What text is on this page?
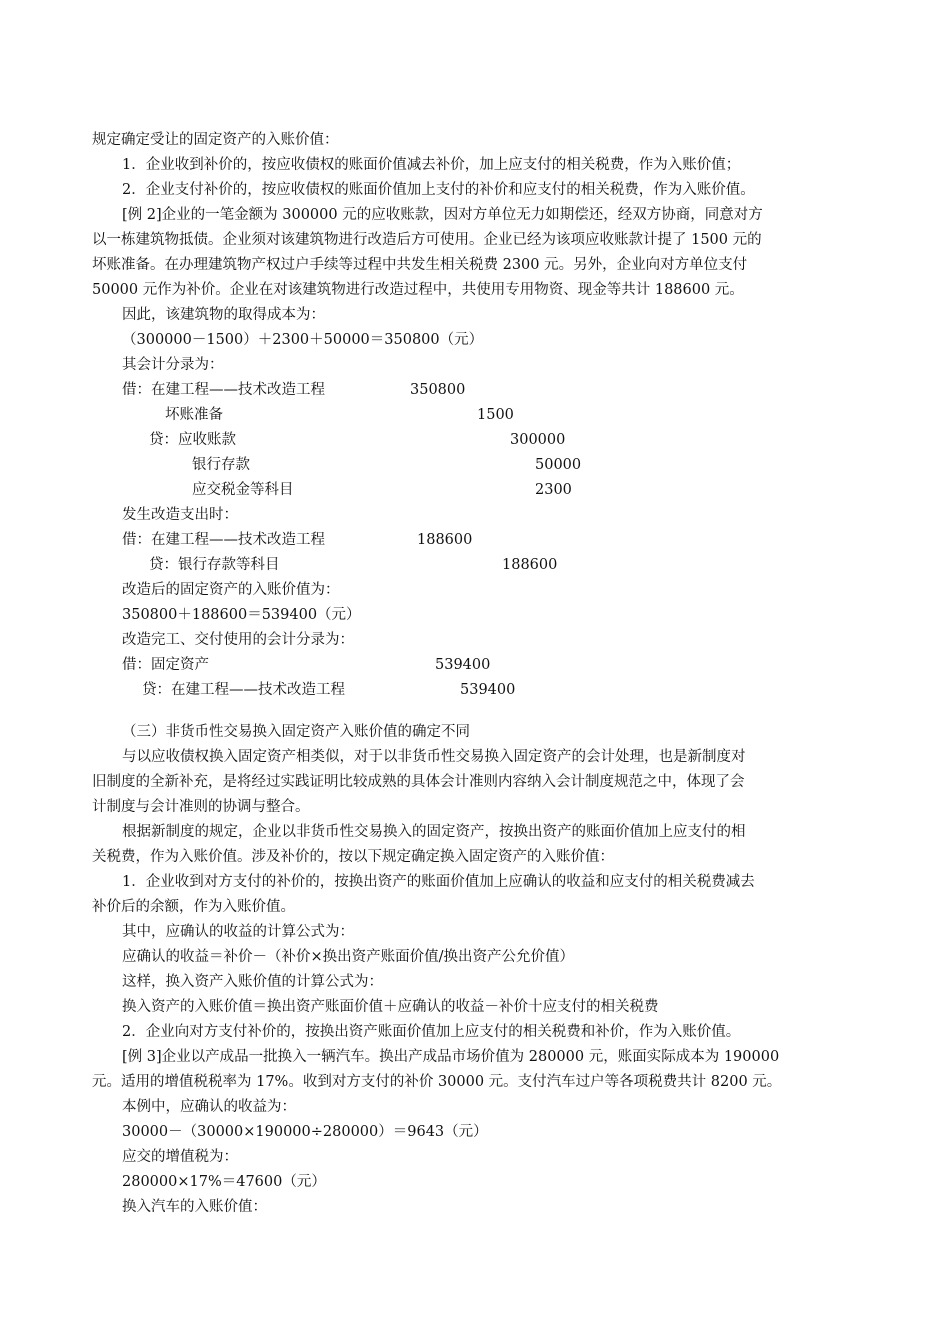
规定确定受让的固定资产的入账价值：
1．企业收到补价的，按应收债权的账面价值减去补价，加上应支付的相关税费，作为入账价值；
2．企业支付补价的，按应收债权的账面价值加上支付的补价和应支付的相关税费，作为入账价值。
[例 2]企业的一笔金额为 300000 元的应收账款，因对方单位无力如期偿还，经双方协商，同意对方
以一栋建筑物抵债。企业须对该建筑物进行改造后方可使用。企业已经为该项应收账款计提了 1500 元的
坏账准备。在办理建筑物产权过户手续等过程中共发生相关税费 2300 元。另外，企业向对方单位支付
50000 元作为补价。企业在对该建筑物进行改造过程中，共使用专用物资、现金等共计 188600 元。
因此，该建筑物的取得成本为：
（300000－1500）＋2300＋50000＝350800（元）
其会计分录为：
借：在建工程——技术改造工程	350800
坏账准备	1500
贷：应收账款	300000
银行存款	50000
应交税金等科目	2300
发生改造支出时：
借：在建工程——技术改造工程	188600
贷：银行存款等科目	188600
改造后的固定资产的入账价值为：
350800＋188600＝539400（元）
改造完工、交付使用的会计分录为：
借：固定资产	539400
贷：在建工程——技术改造工程	539400
（三）非货币性交易换入固定资产入账价值的确定不同
与以应收债权换入固定资产相类似，对于以非货币性交易换入固定资产的会计处理，也是新制度对
旧制度的全新补充，是将经过实践证明比较成熟的具体会计准则内容纳入会计制度规范之中，体现了会
计制度与会计准则的协调与整合。
根据新制度的规定，企业以非货币性交易换入的固定资产，按换出资产的账面价值加上应支付的相
关税费，作为入账价值。涉及补价的，按以下规定确定换入固定资产的入账价值：
1．企业收到对方支付的补价的，按换出资产的账面价值加上应确认的收益和应支付的相关税费减去
补价后的余额，作为入账价值。
其中，应确认的收益的计算公式为：
应确认的收益＝补价－（补价×换出资产账面价值/换出资产公允价值）
这样，换入资产入账价值的计算公式为：
换入资产的入账价值＝换出资产账面价值＋应确认的收益－补价十应支付的相关税费
2．企业向对方支付补价的，按换出资产账面价值加上应支付的相关税费和补价，作为入账价值。
[例 3]企业以产成品一批换入一辆汽车。换出产成品市场价值为 280000 元，账面实际成本为 190000
元。适用的增值税税率为 17%。收到对方支付的补价 30000 元。支付汽车过户等各项税费共计 8200 元。
本例中，应确认的收益为：
30000－（30000×190000÷280000）＝9643（元）
应交的增值税为：
280000×17%＝47600（元）
换入汽车的入账价值：
